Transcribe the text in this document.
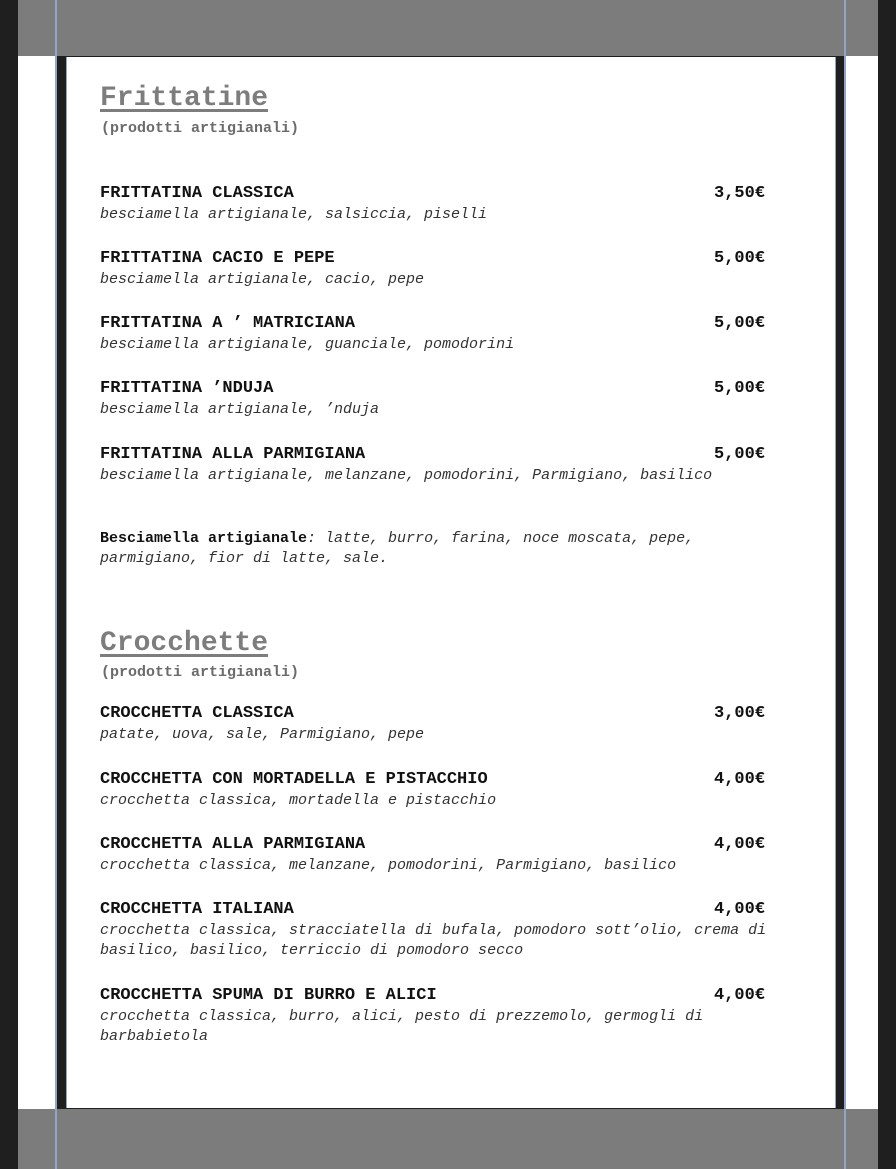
Frittatine
(prodotti artigianali)
FRITTATINA CLASSICA	3,50€
besciamella artigianale, salsiccia, piselli
FRITTATINA CACIO E PEPE	5,00€
besciamella artigianale, cacio, pepe
FRITTATINA A ’ MATRICIANA	5,00€
besciamella artigianale, guanciale, pomodorini
FRITTATINA ’NDUJA	5,00€
besciamella artigianale, ’nduja
FRITTATINA ALLA PARMIGIANA	5,00€
besciamella artigianale, melanzane, pomodorini, Parmigiano, basilico
Besciamella artigianale: latte, burro, farina, noce moscata, pepe, parmigiano, fior di latte, sale.
Crocchette
(prodotti artigianali)
CROCCHETTA CLASSICA	3,00€
patate, uova, sale, Parmigiano, pepe
CROCCHETTA CON MORTADELLA E PISTACCHIO	4,00€
crocchetta classica, mortadella e pistacchio
CROCCHETTA ALLA PARMIGIANA	4,00€
crocchetta classica, melanzane, pomodorini, Parmigiano, basilico
CROCCHETTA ITALIANA	4,00€
crocchetta classica, stracciatella di bufala, pomodoro sott’olio, crema di basilico, basilico, terriccio di pomodoro secco
CROCCHETTA SPUMA DI BURRO E ALICI	4,00€
crocchetta classica, burro, alici, pesto di prezzemolo, germogli di barbabietola
